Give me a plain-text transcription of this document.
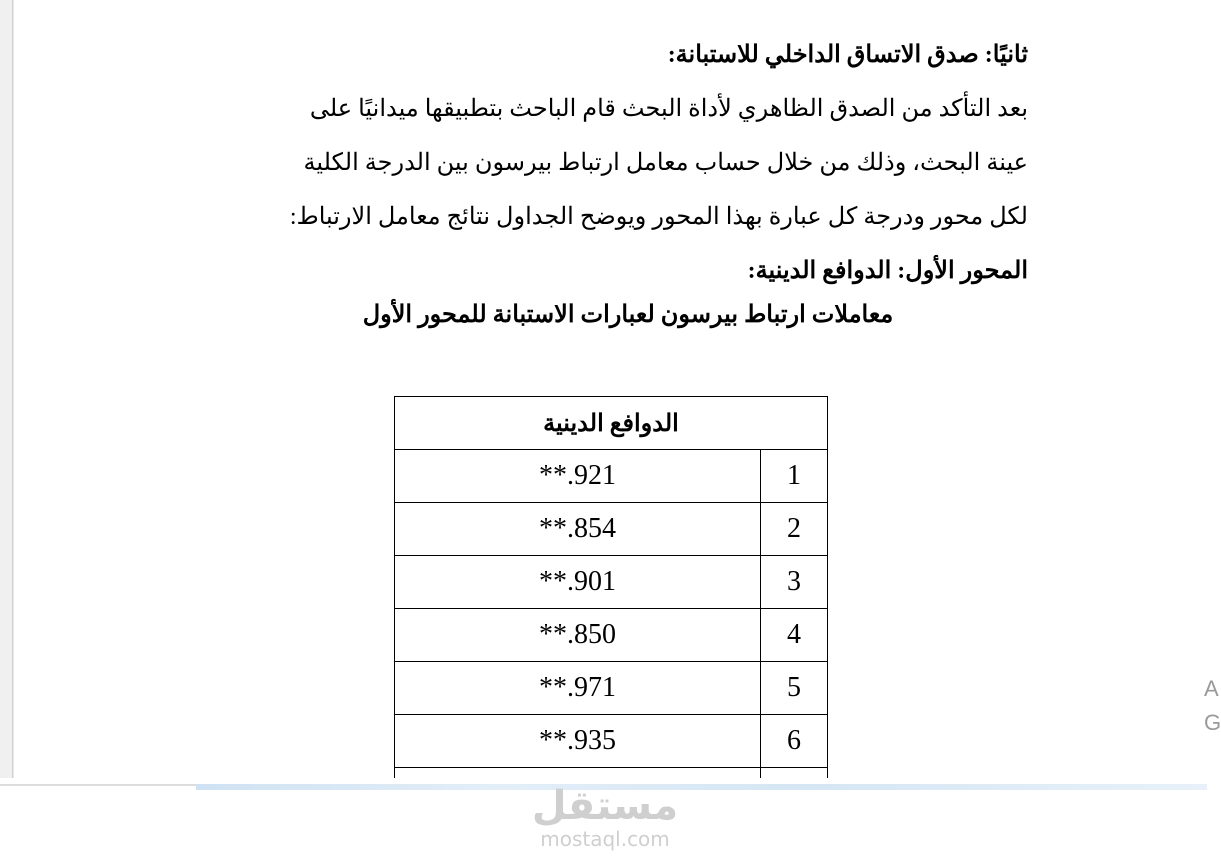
ثانيًا: صدق الاتساق الداخلي للاستبانة:

بعد التأكد من الصدق الظاهري لأداة البحث قام الباحث بتطبيقها ميدانيًا على

عينة البحث، وذلك من خلال حساب معامل ارتباط بيرسون بين الدرجة الكلية

لكل محور ودرجة كل عبارة بهذا المحور ويوضح الجداول نتائج معامل الارتباط:

المحور الأول: الدوافع الدينية:

معاملات ارتباط بيرسون لعبارات الاستبانة للمحور الأول
الدوافع الدينية	
1	**.921
2	**.854
3	**.901
4	**.850
5	**.971
6	**.935

A
G
مستقل
mostaql.com
